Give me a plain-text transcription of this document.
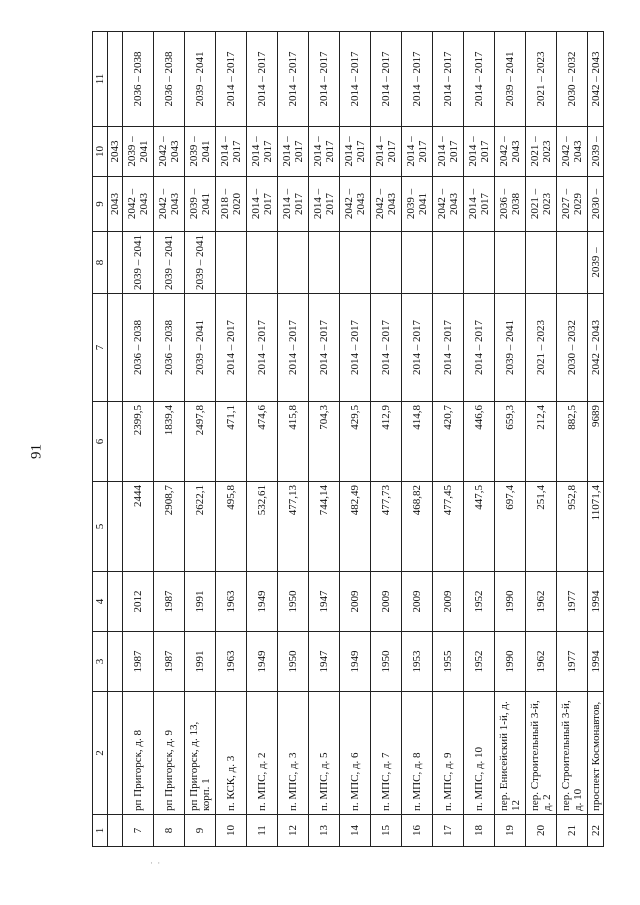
91
· ·
1	2	3	4	5	6	7	8	9	10	11
								2043	2043	
7	рп Пригорск, д. 8	1987	2012	2444	2399,5	2036 – 2038	2039 – 2041	2042 – 2043	2039 – 2041	2036 – 2038
8	рп Пригорск, д. 9	1987	1987	2908,7	1839,4	2036 – 2038	2039 – 2041	2042 – 2043	2042 – 2043	2036 – 2038
9	рп Пригорск, д. 13, корп. 1	1991	1991	2622,1	2497,8	2039 – 2041	2039 – 2041	2039 – 2041	2039 – 2041	2039 – 2041
10	п. КСК, д. 3	1963	1963	495,8	471,1	2014 – 2017		2018 – 2020	2014 – 2017	2014 – 2017
11	п. МПС, д. 2	1949	1949	532,61	474,6	2014 – 2017		2014 – 2017	2014 – 2017	2014 – 2017
12	п. МПС, д. 3	1950	1950	477,13	415,8	2014 – 2017		2014 – 2017	2014 – 2017	2014 – 2017
13	п. МПС, д. 5	1947	1947	744,14	704,3	2014 – 2017		2014 – 2017	2014 – 2017	2014 – 2017
14	п. МПС, д. 6	1949	2009	482,49	429,5	2014 – 2017		2042 – 2043	2014 – 2017	2014 – 2017
15	п. МПС, д. 7	1950	2009	477,73	412,9	2014 – 2017		2042 – 2043	2014 – 2017	2014 – 2017
16	п. МПС, д. 8	1953	2009	468,82	414,8	2014 – 2017		2039 – 2041	2014 – 2017	2014 – 2017
17	п. МПС, д. 9	1955	2009	477,45	420,7	2014 – 2017		2042 – 2043	2014 – 2017	2014 – 2017
18	п. МПС, д. 10	1952	1952	447,5	446,6	2014 – 2017		2014 – 2017	2014 – 2017	2014 – 2017
19	пер. Енисейский 1-й, д. 12	1990	1990	697,4	659,3	2039 – 2041		2036 – 2038	2042 – 2043	2039 – 2041
20	пер. Строительный 3-й, д. 2	1962	1962	251,4	212,4	2021 – 2023		2021 – 2023	2021 – 2023	2021 – 2023
21	пер. Строительный 3-й, д. 10	1977	1977	952,8	882,5	2030 – 2032		2027 – 2029	2042 – 2043	2030 – 2032
22	проспект Космонавтов,	1994	1994	11071,4	9689	2042 – 2043	2039 –	2030 –	2039 –	2042 – 2043
